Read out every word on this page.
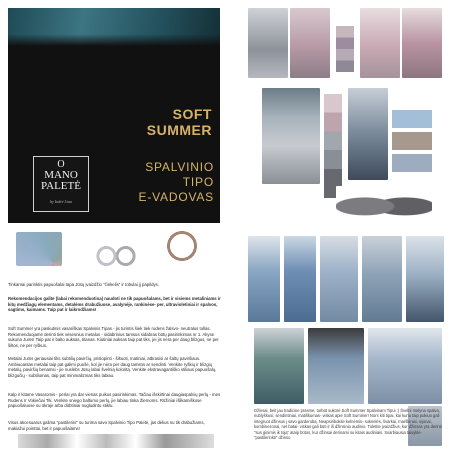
SOFT
SUMMER
O
MANO
PALETĖ
by Indrė Lina
SPALVINIO
TIPO
E-VADOVAS
Tinkamai parinktis papuošalai tapa Jūsų įvaizdžio "činkelis" ir tobulai jį papildys.
Rekomendacijos galite (labai rekomenduotina) naudoti ne tik papuošalams, bet ir visiems metaliniams ir kitų medžiagų elementams, detalėms drabužiuose, avalynėje, rankinėse- per, ultravioletiniai ir spalvos, sagtims, kaimams. Taip pat ir laikrodžiams!
Soft Summer yra paskutinis vasariškas Spalvinis Tipas - jis turintis šiek tiek rudens žalsvo- neutralus tollas. Rekomenduojame derinti tiek vėsesnius metalus - sidabrinius tamsus sidabras būtų pasirinkimas nr 1. Akyse sukuria Jums! Taip pat ir balto auksas, titanas. Kiutiniai auksas taip pat tiks, jei jis nėra per daug blizgus, ne per šiltos, ne per ryškus.
Metalai Jums geriausiai tiks subtilių pavirčių, prislopinti - šiltuoti, matiniai, atbrasisi ar šaltų paviršiaus. Ambiuoantas metalai taip pat galimi puošė, kol jie nėra per daug tamsūs ar sendinti. Venkite ryškių ir blizgių metalų, paviršių benamsi - jie nuslėbs Jūsų labai švelnią koloritą. Venkite ekstravagantiško stiliaus papuošalų, blizgučių - subtilumas, taip pat minimalizmas tiks labiau.
Kalp ir kitame Vasaromis - perlai yra dar vienas puikus pasirinkimas. Tačiau išskirtinai daugiaspalvių perlų - mes Rudens Ir Vokiečiai Tik. Venkite sniego baltumo perlų, jie labiau tinka Žiemoms. Rūžiniai išlikamiškose papuošaluose su ūkraje arba dirbtiniai nugludintu stiklu.
Visus akcesuarus galima "pastilerini" su turima savo Spalvinio Tipo Paletė, jas dėlius nu tik drabužiams, makiažui pointtai, bet ir papuošalams!
Džinsai, beit jau tradicine prasme, turbūt sukūrė Soft Summer Spalvinam Tipui :) Švelni melyna spalva, nublyškusi, sendintiniai, matiškumas- viskas apie Soft Summer! Nors kiti tipai, kai kuriu taip pukiuo gali integruot džinsus į savo garderobą. Neapsiribokite kelnėmis- suknelės, švarkai, marškiniai, sijonai, kombinezonai, net batai- viskas gali būti ir iš džinsinio audinio. Tuletite įvaizdžius, kur džinsas yra derinti "sus ginimis ik toją" ataip būtos, kur džinsai derinami su kitais audiniais. Svarbiausia taisyklė- "pastilerinkti" džinso
